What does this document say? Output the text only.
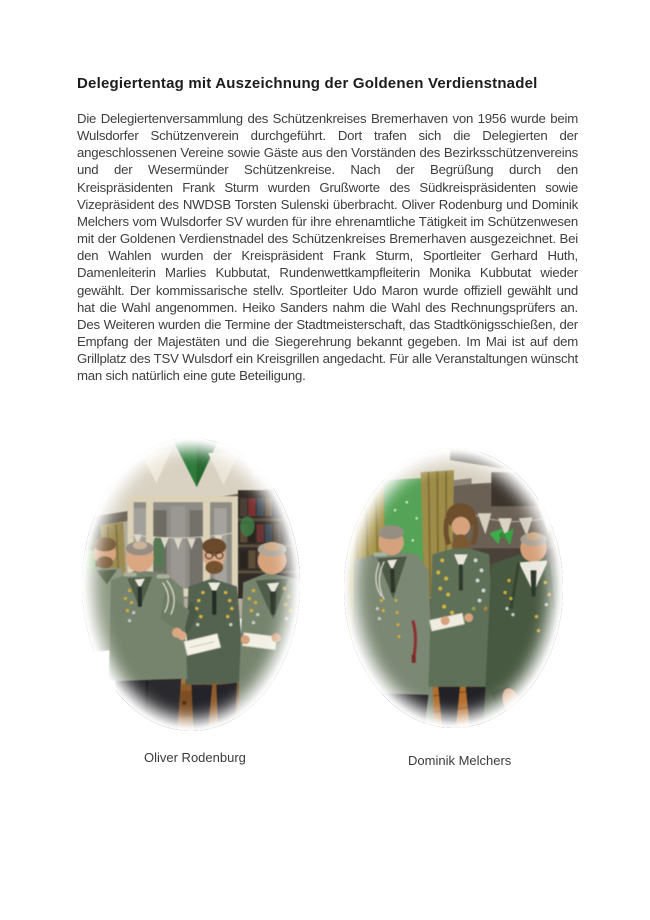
Delegiertentag mit Auszeichnung der Goldenen Verdienstnadel

Die Delegiertenversammlung des Schützenkreises Bremerhaven von 1956 wurde beim Wulsdorfer Schützenverein durchgeführt. Dort trafen sich die Delegierten der angeschlossenen Vereine sowie Gäste aus den Vorständen des Bezirksschützenvereins und der Wesermünder Schützenkreise. Nach der Begrüßung durch den Kreispräsidenten Frank Sturm wurden Grußworte des Südkreispräsidenten sowie Vizepräsident des NWDSB Torsten Sulenski überbracht. Oliver Rodenburg und Dominik Melchers vom Wulsdorfer SV wurden für ihre ehrenamtliche Tätigkeit im Schützenwesen mit der Goldenen Verdienstnadel des Schützenkreises Bremerhaven ausgezeichnet. Bei den Wahlen wurden der Kreispräsident Frank Sturm, Sportleiter Gerhard Huth, Damenleiterin Marlies Kubbutat, Rundenwettkampfleiterin Monika Kubbutat wieder gewählt. Der kommissarische stellv. Sportleiter Udo Maron wurde offiziell gewählt und hat die Wahl angenommen. Heiko Sanders nahm die Wahl des Rechnungsprüfers an. Des Weiteren wurden die Termine der Stadtmeisterschaft, das Stadtkönigsschießen, der Empfang der Majestäten und die Siegerehrung bekannt gegeben. Im Mai ist auf dem Grillplatz des TSV Wulsdorf ein Kreisgrillen angedacht. Für alle Veranstaltungen wünscht man sich natürlich eine gute Beteiligung.

Oliver Rodenburg	Dominik Melchers
